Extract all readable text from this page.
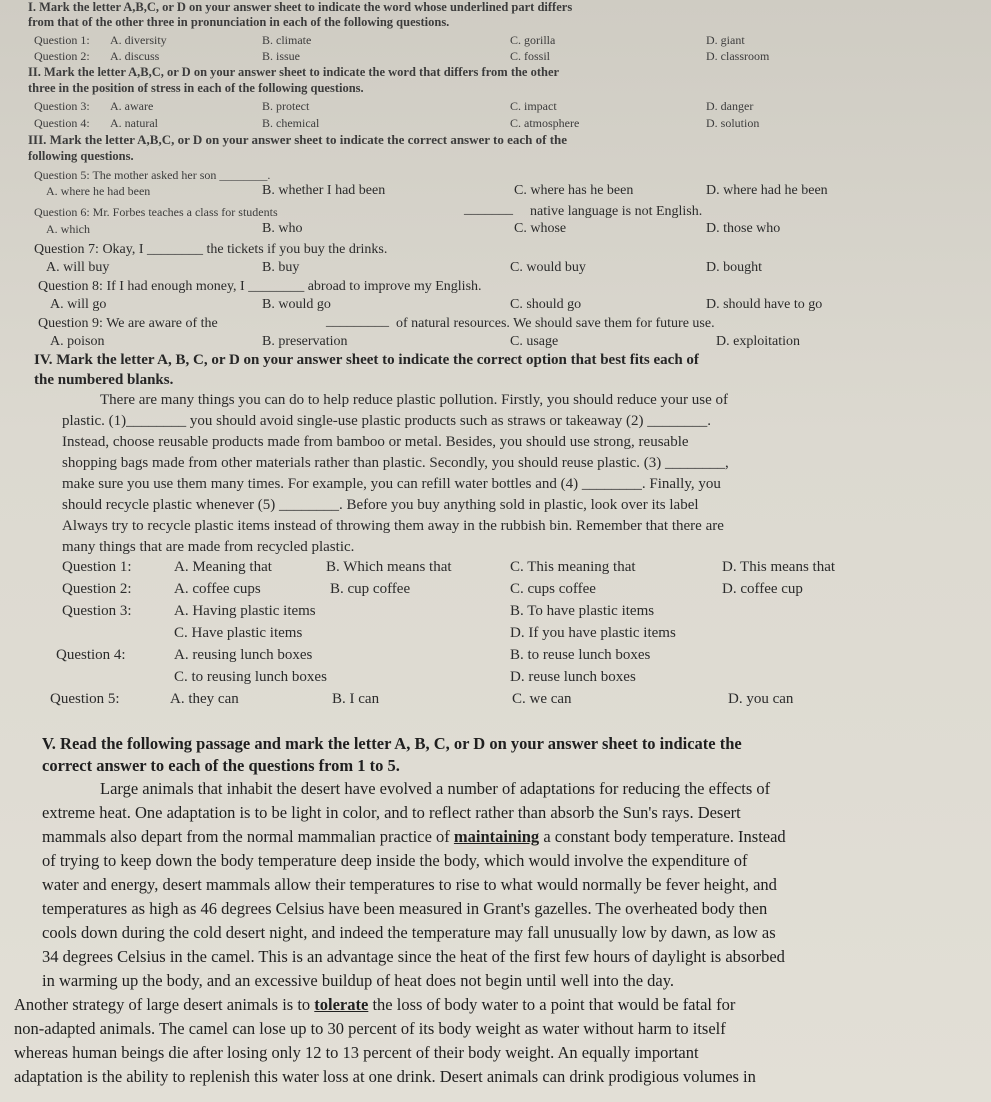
I. Mark the letter A,B,C, or D on your answer sheet to indicate the word whose underlined part differs
from that of the other three in pronunciation in each of the following questions.
Question 1: A. diversity	B. climate	C. gorilla	D. giant
Question 2: A. discuss	B. issue	C. fossil	D. classroom
II. Mark the letter A,B,C, or D on your answer sheet to indicate the word that differs from the other
three in the position of stress in each of the following questions.
Question 3: A. aware	B. protect	C. impact	D. danger
Question 4: A. natural	B. chemical	C. atmosphere	D. solution
III. Mark the letter A,B,C, or D on your answer sheet to indicate the correct answer to each of the
following questions.
Question 5: The mother asked her son ________.
A. where he had been	B. whether I had been	C. where has he been	D. where had he been
Question 6: Mr. Forbes teaches a class for students	_______ native language is not English.
A. which	B. who	C. whose	D. those who
Question 7: Okay, I ________ the tickets if you buy the drinks.
A. will buy	B. buy	C. would buy	D. bought
Question 8: If I had enough money, I ________ abroad to improve my English.
A. will go	B. would go	C. should go	D. should have to go
Question 9: We are aware of the	_________ of natural resources. We should save them for future use.
A. poison	B. preservation	C. usage	D. exploitation
IV. Mark the letter A, B, C, or D on your answer sheet to indicate the correct option that best fits each of
the numbered blanks.
There are many things you can do to help reduce plastic pollution. Firstly, you should reduce your use of
plastic. (1)________ you should avoid single-use plastic products such as straws or takeaway (2) ________.
Instead, choose reusable products made from bamboo or metal. Besides, you should use strong, reusable
shopping bags made from other materials rather than plastic. Secondly, you should reuse plastic. (3) ________,
make sure you use them many times. For example, you can refill water bottles and (4) ________. Finally, you
should recycle plastic whenever (5) ________. Before you buy anything sold in plastic, look over its label
Always try to recycle plastic items instead of throwing them away in the rubbish bin. Remember that there are
many things that are made from recycled plastic.
Question 1:	A. Meaning that	B. Which means that	C. This meaning that	D. This means that
Question 2:	A. coffee cups	B. cup coffee	C. cups coffee	D. coffee cup
Question 3:	A. Having plastic items	B. To have plastic items
C. Have plastic items	D. If you have plastic items
Question 4:	A. reusing lunch boxes	B. to reuse lunch boxes
C. to reusing lunch boxes	D. reuse lunch boxes
Question 5:	A. they can	B. I can	C. we can	D. you can
V. Read the following passage and mark the letter A, B, C, or D on your answer sheet to indicate the
correct answer to each of the questions from 1 to 5.
Large animals that inhabit the desert have evolved a number of adaptations for reducing the effects of
extreme heat. One adaptation is to be light in color, and to reflect rather than absorb the Sun's rays. Desert
mammals also depart from the normal mammalian practice of maintaining a constant body temperature. Instead
of trying to keep down the body temperature deep inside the body, which would involve the expenditure of
water and energy, desert mammals allow their temperatures to rise to what would normally be fever height, and
temperatures as high as 46 degrees Celsius have been measured in Grant's gazelles. The overheated body then
cools down during the cold desert night, and indeed the temperature may fall unusually low by dawn, as low as
34 degrees Celsius in the camel. This is an advantage since the heat of the first few hours of daylight is absorbed
in warming up the body, and an excessive buildup of heat does not begin until well into the day.
Another strategy of large desert animals is to tolerate the loss of body water to a point that would be fatal for
non-adapted animals. The camel can lose up to 30 percent of its body weight as water without harm to itself
whereas human beings die after losing only 12 to 13 percent of their body weight. An equally important
adaptation is the ability to replenish this water loss at one drink. Desert animals can drink prodigious volumes in
